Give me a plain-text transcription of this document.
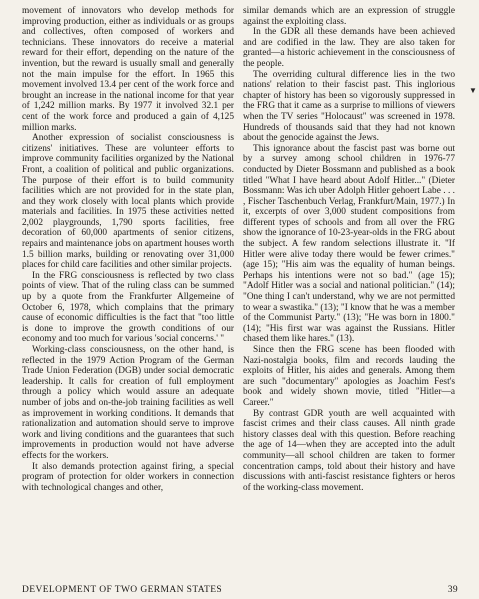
movement of innovators who develop methods for improving production, either as individuals or as groups and collectives, often composed of workers and technicians. These innovators do receive a material reward for their effort, depending on the nature of the invention, but the reward is usually small and generally not the main impulse for the effort. In 1965 this movement involved 13.4 per cent of the work force and brought an increase in the national income for that year of 1,242 million marks. By 1977 it involved 32.1 per cent of the work force and produced a gain of 4,125 million marks.

Another expression of socialist consciousness is citizens' initiatives. These are volunteer efforts to improve community facilities organized by the National Front, a coalition of political and public organizations. The purpose of their effort is to build community facilities which are not provided for in the state plan, and they work closely with local plants which provide materials and facilities. In 1975 these activities netted 2,002 playgrounds, 1,790 sports facilities, free decoration of 60,000 apartments of senior citizens, repairs and maintenance jobs on apartment houses worth 1.5 billion marks, building or renovating over 31,000 places for child care facilities and other similar projects.

In the FRG consciousness is reflected by two class points of view. That of the ruling class can be summed up by a quote from the Frankfurter Allgemeine of October 6, 1978, which complains that the primary cause of economic difficulties is the fact that "too little is done to improve the growth conditions of our economy and too much for various 'social concerns.' "

Working-class consciousness, on the other hand, is reflected in the 1979 Action Program of the German Trade Union Federation (DGB) under social democratic leadership. It calls for creation of full employment through a policy which would assure an adequate number of jobs and on-the-job training facilities as well as improvement in working conditions. It demands that rationalization and automation should serve to improve work and living conditions and the guarantees that such improvements in production would not have adverse effects for the workers.

It also demands protection against firing, a special program of protection for older workers in connection with technological changes and other,

similar demands which are an expression of struggle against the exploiting class.

In the GDR all these demands have been achieved and are codified in the law. They are also taken for granted—a historic achievement in the consciousness of the people.

The overriding cultural difference lies in the two nations' relation to their fascist past. This inglorious chapter of history has been so vigorously suppressed in the FRG that it came as a surprise to millions of viewers when the TV series "Holocaust" was screened in 1978. Hundreds of thousands said that they had not known about the genocide against the Jews.

This ignorance about the fascist past was borne out by a survey among school children in 1976-77 conducted by Dieter Bossmann and published as a book titled "What I have heard about Adolf Hitler..." (Dieter Bossmann: Was ich uber Adolph Hitler gehoert Labe . . . , Fischer Taschenbuch Verlag, Frankfurt/Main, 1977.) In it, excerpts of over 3,000 student compositions from different types of schools and from all over the FRG show the ignorance of 10-23-year-olds in the FRG about the subject. A few random selections illustrate it. "If Hitler were alive today there would be fewer crimes." (age 15); "His aim was the equality of human beings. Perhaps his intentions were not so bad." (age 15); "Adolf Hitler was a social and national politician." (14); "One thing I can't understand, why we are not permitted to wear a swastika." (13); "I know that he was a member of the Communist Party." (13); "He was born in 1800." (14); "His first war was against the Russians. Hitler chased them like hares." (13).

Since then the FRG scene has been flooded with Nazi-nostalgia books, film and records lauding the exploits of Hitler, his aides and generals. Among them are such "documentary" apologies as Joachim Fest's book and widely shown movie, titled "Hitler—a Career."

By contrast GDR youth are well acquainted with fascist crimes and their class causes. All ninth grade history classes deal with this question. Before reaching the age of 14—when they are accepted into the adult community—all school children are taken to former concentration camps, told about their history and have discussions with anti-fascist resistance fighters or heros of the working-class movement.

▼
DEVELOPMENT OF TWO GERMAN STATES	39
